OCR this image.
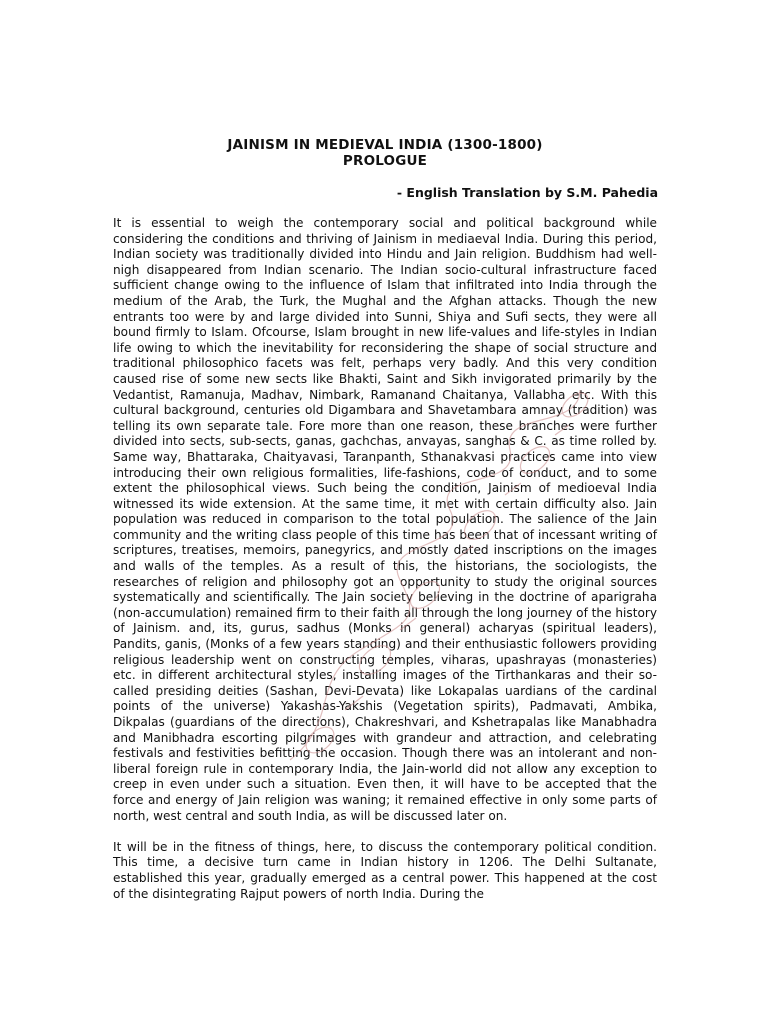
JAINISM IN MEDIEVAL INDIA (1300-1800)
PROLOGUE
- English Translation by S.M. Pahedia

It is essential to weigh the contemporary social and political background while considering the conditions and thriving of Jainism in mediaeval India. During this period, Indian society was traditionally divided into Hindu and Jain religion. Buddhism had well-nigh disappeared from Indian scenario. The Indian socio-cultural infrastructure faced sufficient change owing to the influence of Islam that infiltrated into India through the medium of the Arab, the Turk, the Mughal and the Afghan attacks. Though the new entrants too were by and large divided into Sunni, Shiya and Sufi sects, they were all bound firmly to Islam. Ofcourse, Islam brought in new life-values and life-styles in Indian life owing to which the inevitability for reconsidering the shape of social structure and traditional philosophico facets was felt, perhaps very badly. And this very condition caused rise of some new sects like Bhakti, Saint and Sikh invigorated primarily by the Vedantist, Ramanuja, Madhav, Nimbark, Ramanand Chaitanya, Vallabha etc. With this cultural background, centuries old Digambara and Shavetambara amnay (tradition) was telling its own separate tale. Fore more than one reason, these branches were further divided into sects, sub-sects, ganas, gachchas, anvayas, sanghas & C. as time rolled by. Same way, Bhattaraka, Chaityavasi, Taranpanth, Sthanakvasi practices came into view introducing their own religious formalities, life-fashions, code of conduct, and to some extent the philosophical views. Such being the condition, Jainism of medioeval India witnessed its wide extension. At the same time, it met with certain difficulty also. Jain population was reduced in comparison to the total population. The salience of the Jain community and the writing class people of this time has been that of incessant writing of scriptures, treatises, memoirs, panegyrics, and mostly dated inscriptions on the images and walls of the temples. As a result of this, the historians, the sociologists, the researches of religion and philosophy got an opportunity to study the original sources systematically and scientifically. The Jain society believing in the doctrine of aparigraha (non-accumulation) remained firm to their faith all through the long journey of the history of Jainism. and, its, gurus, sadhus (Monks in general) acharyas (spiritual leaders), Pandits, ganis, (Monks of a few years standing) and their enthusiastic followers providing religious leadership went on constructing temples, viharas, upashrayas (monasteries) etc. in different architectural styles, installing images of the Tirthankaras and their so-called presiding deities (Sashan, Devi-Devata) like Lokapalas uardians of the cardinal points of the universe) Yakashas-Yakshis (Vegetation spirits), Padmavati, Ambika, Dikpalas (guardians of the directions), Chakreshvari, and Kshetrapalas like Manabhadra and Manibhadra escorting pilgrimages with grandeur and attraction, and celebrating festivals and festivities befitting the occasion. Though there was an intolerant and non-liberal foreign rule in contemporary India, the Jain-world did not allow any exception to creep in even under such a situation. Even then, it will have to be accepted that the force and energy of Jain religion was waning; it remained effective in only some parts of north, west central and south India, as will be discussed later on.

It will be in the fitness of things, here, to discuss the contemporary political condition. This time, a decisive turn came in Indian history in 1206. The Delhi Sultanate, established this year, gradually emerged as a central power. This happened at the cost of the disintegrating Rajput powers of north India. During the
